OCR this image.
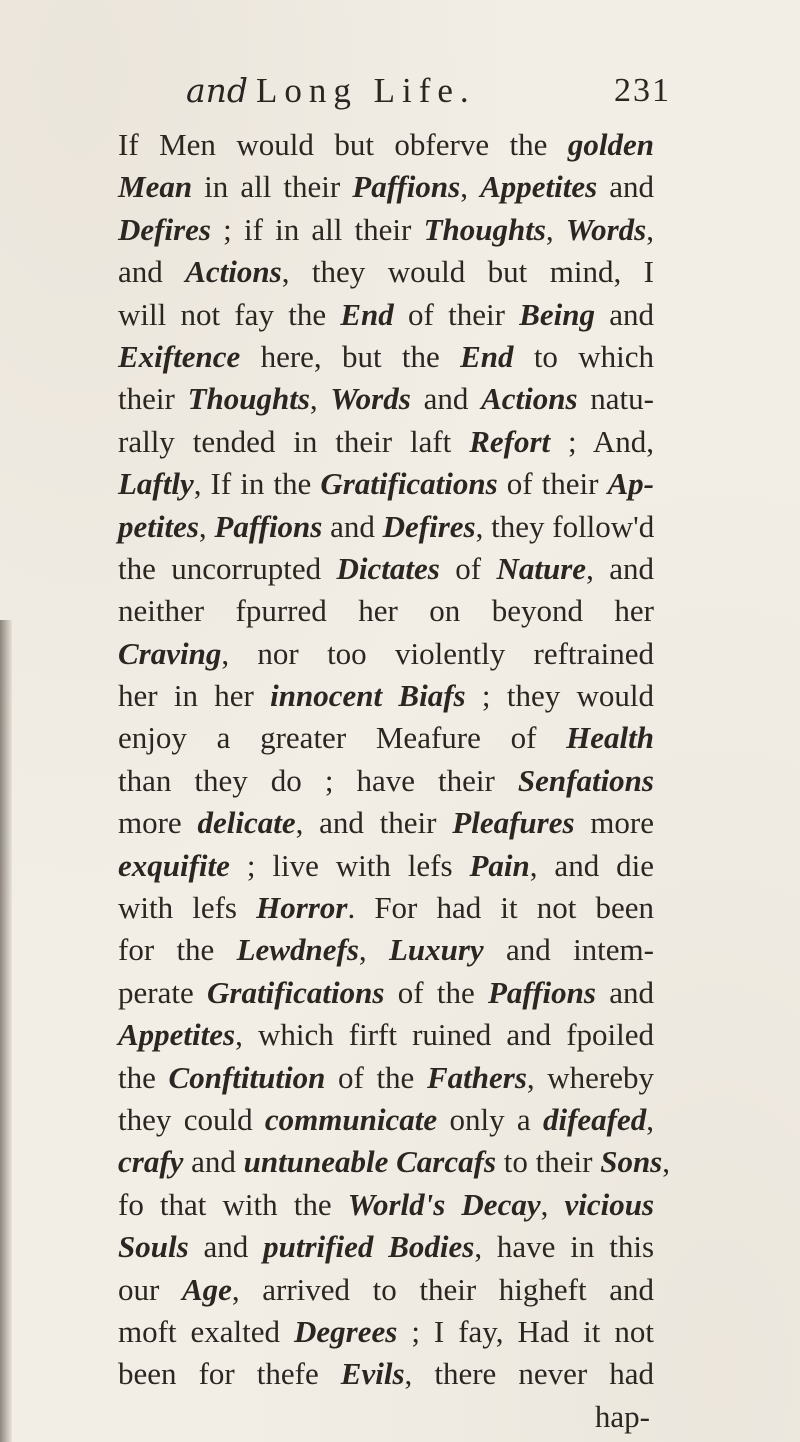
and Long Life.	231
If Men would but obferve the golden
Mean in all their Paffions, Appetites and
Defires ; if in all their Thoughts, Words,
and Actions, they would but mind, I
will not fay the End of their Being and
Exiftence here, but the End to which
their Thoughts, Words and Actions natu-
rally tended in their laft Refort ; And,
Laftly, If in the Gratifications of their Ap-
petites, Paffions and Defires, they follow'd
the uncorrupted Dictates of Nature, and
neither fpurred her on beyond her
Craving, nor too violently reftrained
her in her innocent Biafs ; they would
enjoy a greater Meafure of Health
than they do ; have their Senfations
more delicate, and their Pleafures more
exquifite ; live with lefs Pain, and die
with lefs Horror. For had it not been
for the Lewdnefs, Luxury and intem-
perate Gratifications of the Paffions and
Appetites, which firft ruined and fpoiled
the Conftitution of the Fathers, whereby
they could communicate only a difeafed,
crafy and untuneable Carcafs to their Sons,
fo that with the World's Decay, vicious
Souls and putrified Bodies, have in this
our Age, arrived to their higheft and
moft exalted Degrees ; I fay, Had it not
been for thefe Evils, there never had
hap-
